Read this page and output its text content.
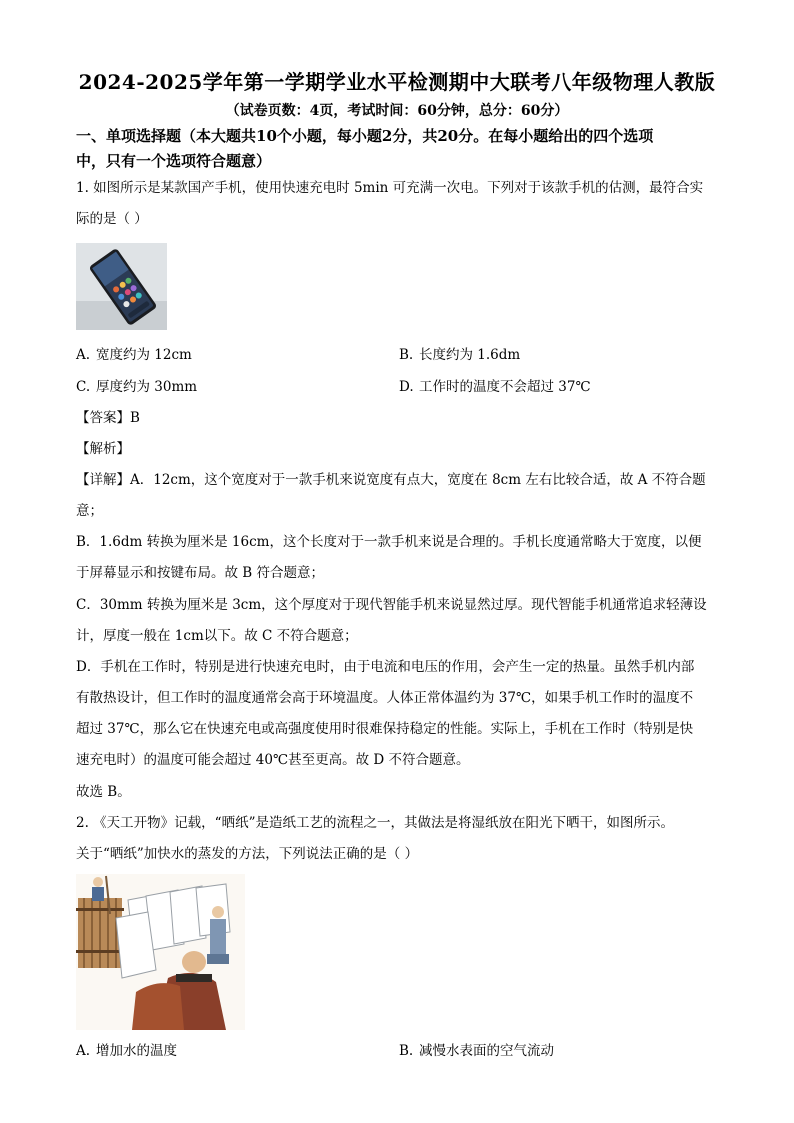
2024-2025学年第一学期学业水平检测期中大联考八年级物理人教版
（试卷页数：4页，考试时间：60分钟，总分：60分）
一、单项选择题（本大题共10个小题，每小题2分，共20分。在每小题给出的四个选项
中，只有一个选项符合题意）
1. 如图所示是某款国产手机，使用快速充电时 5min 可充满一次电。下列对于该款手机的估测，最符合实
际的是（ ）
A. 宽度约为 12cm	B. 长度约为 1.6dm
C. 厚度约为 30mm	D. 工作时的温度不会超过 37℃
【答案】B
【解析】
【详解】A．12cm，这个宽度对于一款手机来说宽度有点大，宽度在 8cm 左右比较合适，故 A 不符合题
意；
B．1.6dm 转换为厘米是 16cm，这个长度对于一款手机来说是合理的。手机长度通常略大于宽度，以便
于屏幕显示和按键布局。故 B 符合题意；
C．30mm 转换为厘米是 3cm，这个厚度对于现代智能手机来说显然过厚。现代智能手机通常追求轻薄设
计，厚度一般在 1cm以下。故 C 不符合题意；
D．手机在工作时，特别是进行快速充电时，由于电流和电压的作用，会产生一定的热量。虽然手机内部
有散热设计，但工作时的温度通常会高于环境温度。人体正常体温约为 37℃，如果手机工作时的温度不
超过 37℃，那么它在快速充电或高强度使用时很难保持稳定的性能。实际上，手机在工作时（特别是快
速充电时）的温度可能会超过 40℃甚至更高。故 D 不符合题意。
故选 B。
2. 《天工开物》记载，“晒纸”是造纸工艺的流程之一，其做法是将湿纸放在阳光下晒干，如图所示。
关于“晒纸”加快水的蒸发的方法，下列说法正确的是（ ）
A. 增加水的温度	B. 减慢水表面的空气流动
